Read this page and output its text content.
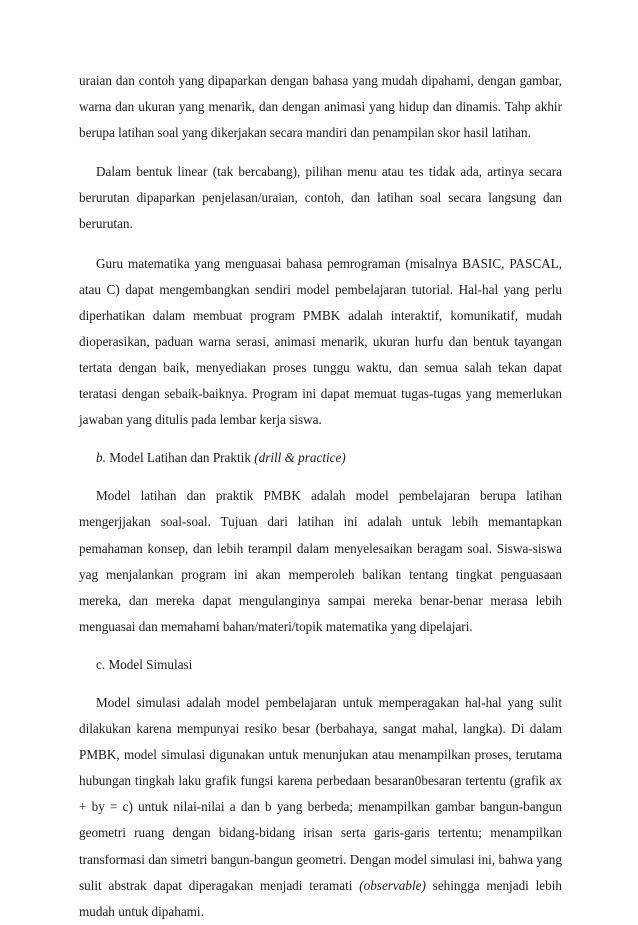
uraian dan contoh yang dipaparkan dengan bahasa yang mudah dipahami, dengan gambar, warna dan ukuran yang menarik, dan dengan animasi yang hidup dan dinamis. Tahp akhir berupa latihan soal yang dikerjakan secara mandiri dan penampilan skor hasil latihan.

Dalam bentuk linear (tak bercabang), pilihan menu atau tes tidak ada, artinya secara berurutan dipaparkan penjelasan/uraian, contoh, dan latihan soal secara langsung dan berurutan.

Guru matematika yang menguasai bahasa pemrograman (misalnya BASIC, PASCAL, atau C) dapat mengembangkan sendiri model pembelajaran tutorial. Hal-hal yang perlu diperhatikan dalam membuat program PMBK adalah interaktif, komunikatif, mudah dioperasikan, paduan warna serasi, animasi menarik, ukuran hurfu dan bentuk tayangan tertata dengan baik, menyediakan proses tunggu waktu, dan semua salah tekan dapat teratasi dengan sebaik-baiknya. Program ini dapat memuat tugas-tugas yang memerlukan jawaban yang ditulis pada lembar kerja siswa.

b. Model Latihan dan Praktik (drill & practice)

Model latihan dan praktik PMBK adalah model pembelajaran berupa latihan mengerjjakan soal-soal. Tujuan dari latihan ini adalah untuk lebih memantapkan pemahaman konsep, dan lebih terampil dalam menyelesaikan beragam soal. Siswa-siswa yag menjalankan program ini akan memperoleh balikan tentang tingkat penguasaan mereka, dan mereka dapat mengulanginya sampai mereka benar-benar merasa lebih menguasai dan memahami bahan/materi/topik matematika yang dipelajari.

c. Model Simulasi

Model simulasi adalah model pembelajaran untuk memperagakan hal-hal yang sulit dilakukan karena mempunyai resiko besar (berbahaya, sangat mahal, langka). Di dalam PMBK, model simulasi digunakan untuk menunjukan atau menampilkan proses, terutama hubungan tingkah laku grafik fungsi karena perbedaan besaran0besaran tertentu (grafik ax + by = c) untuk nilai-nilai a dan b yang berbeda; menampilkan gambar bangun-bangun geometri ruang dengan bidang-bidang irisan serta garis-garis tertentu; menampilkan transformasi dan simetri bangun-bangun geometri. Dengan model simulasi ini, bahwa yang sulit abstrak dapat diperagakan menjadi teramati (observable) sehingga menjadi lebih mudah untuk dipahami.
